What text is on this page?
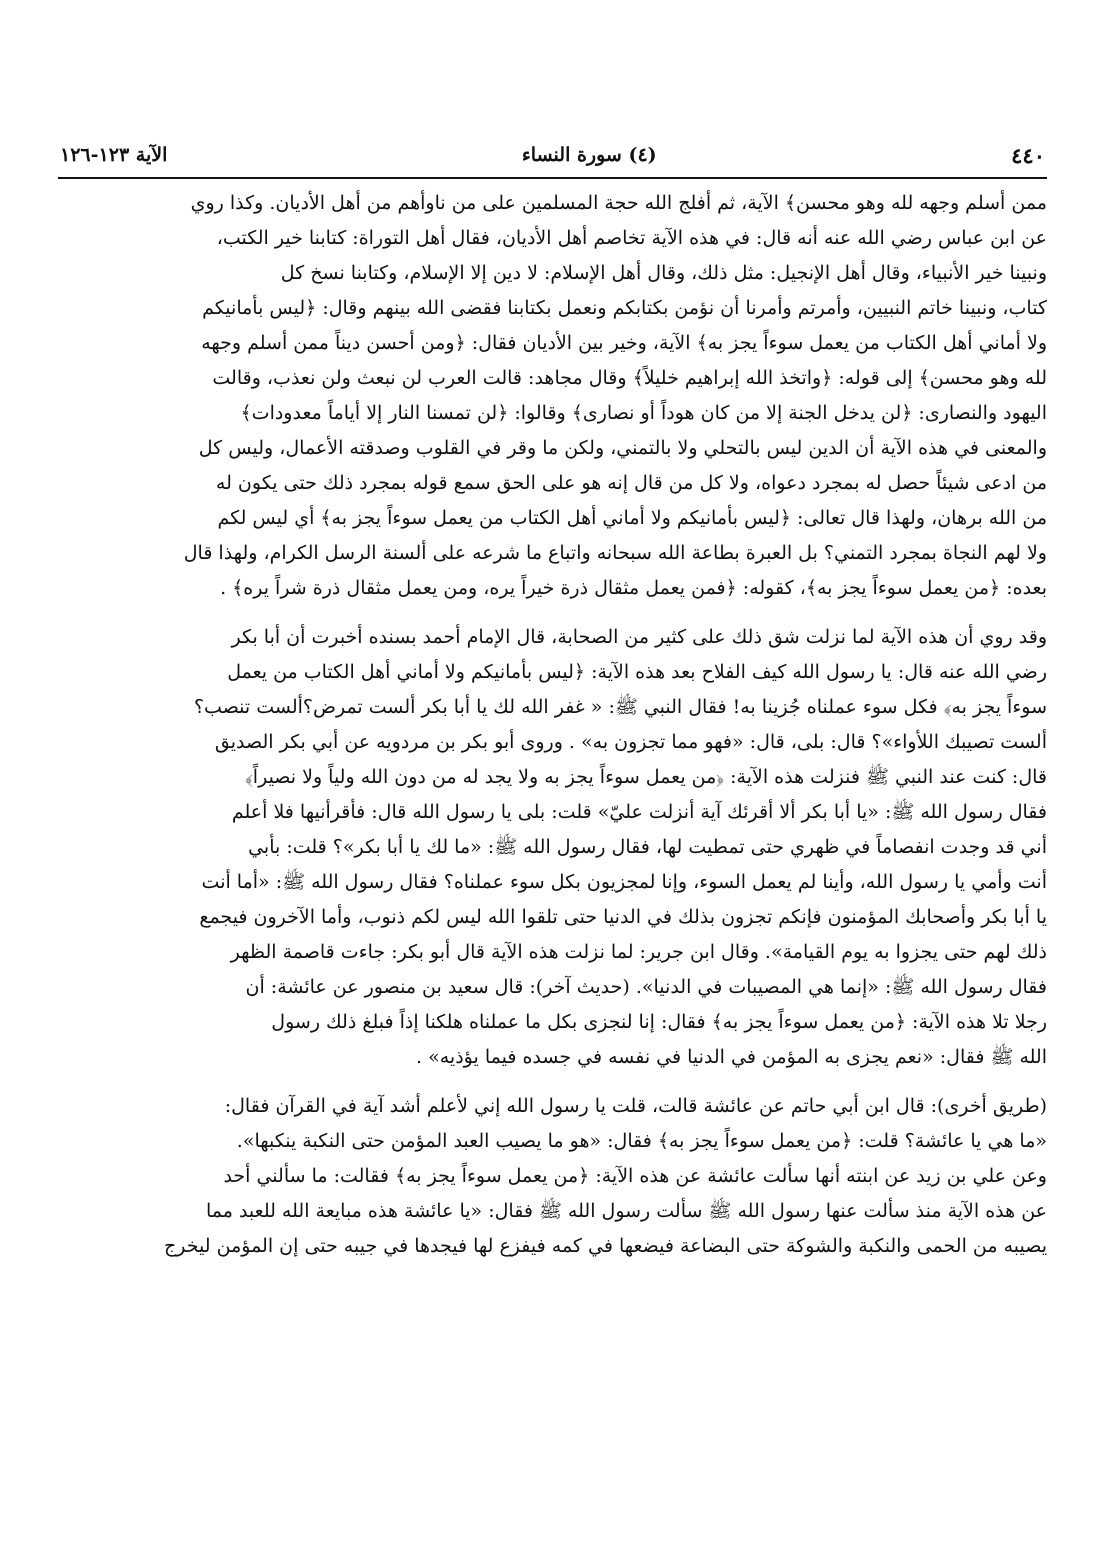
٤٤٠
(٤) سورة النساء
الآية ١٢٣-١٢٦

ممن أسلم وجهه لله وهو محسن﴾ الآية، ثم أفلج الله حجة المسلمين على من ناوأهم من أهل الأديان. وكذا روي

عن ابن عباس رضي الله عنه أنه قال: في هذه الآية تخاصم أهل الأديان، فقال أهل التوراة: كتابنا خير الكتب،

ونبينا خير الأنبياء، وقال أهل الإنجيل: مثل ذلك، وقال أهل الإسلام: لا دين إلا الإسلام، وكتابنا نسخ كل

كتاب، ونبينا خاتم النبيين، وأمرتم وأمرنا أن نؤمن بكتابكم ونعمل بكتابنا فقضى الله بينهم وقال: ﴿ليس بأمانيكم

ولا أماني أهل الكتاب من يعمل سوءاً يجز به﴾ الآية، وخير بين الأديان فقال: ﴿ومن أحسن ديناً ممن أسلم وجهه

لله وهو محسن﴾ إلى قوله: ﴿واتخذ الله إبراهيم خليلاً﴾ وقال مجاهد: قالت العرب لن نبعث ولن نعذب، وقالت

اليهود والنصارى: ﴿لن يدخل الجنة إلا من كان هوداً أو نصارى﴾ وقالوا: ﴿لن تمسنا النار إلا أياماً معدودات﴾

والمعنى في هذه الآية أن الدين ليس بالتحلي ولا بالتمني، ولكن ما وقر في القلوب وصدقته الأعمال، وليس كل

من ادعى شيئاً حصل له بمجرد دعواه، ولا كل من قال إنه هو على الحق سمع قوله بمجرد ذلك حتى يكون له

من الله برهان، ولهذا قال تعالى: ﴿ليس بأمانيكم ولا أماني أهل الكتاب من يعمل سوءاً يجز به﴾ أي ليس لكم

ولا لهم النجاة بمجرد التمني؟ بل العبرة بطاعة الله سبحانه واتباع ما شرعه على ألسنة الرسل الكرام، ولهذا قال

بعده: ﴿من يعمل سوءاً يجز به﴾، كقوله: ﴿فمن يعمل مثقال ذرة خيراً يره، ومن يعمل مثقال ذرة شراً يره﴾ .

وقد روي أن هذه الآية لما نزلت شق ذلك على كثير من الصحابة، قال الإمام أحمد بسنده أخبرت أن أبا بكر

رضي الله عنه قال: يا رسول الله كيف الفلاح بعد هذه الآية: ﴿ليس بأمانيكم ولا أماني أهل الكتاب من يعمل

سوءاً يجز به﴾ فكل سوء عملناه جُزينا به! فقال النبي ﷺ: « غفر الله لك يا أبا بكر ألست تمرض؟ألست تنصب؟

ألست تصيبك اللأواء»؟ قال: بلى، قال: «فهو مما تجزون به» . وروى أبو بكر بن مردويه عن أبي بكر الصديق

قال: كنت عند النبي ﷺ فنزلت هذه الآية: ﴿من يعمل سوءاً يجز به ولا يجد له من دون الله ولياً ولا نصيراً﴾

فقال رسول الله ﷺ: «يا أبا بكر ألا أقرئك آية أنزلت عليّ» قلت: بلى يا رسول الله قال: فأقرأنيها فلا أعلم

أني قد وجدت انفصاماً في ظهري حتى تمطيت لها، فقال رسول الله ﷺ: «ما لك يا أبا بكر»؟ قلت: بأبي

أنت وأمي يا رسول الله، وأينا لم يعمل السوء، وإنا لمجزيون بكل سوء عملناه؟ فقال رسول الله ﷺ: «أما أنت

يا أبا بكر وأصحابك المؤمنون فإنكم تجزون بذلك في الدنيا حتى تلقوا الله ليس لكم ذنوب، وأما الآخرون فيجمع

ذلك لهم حتى يجزوا به يوم القيامة». وقال ابن جرير: لما نزلت هذه الآية قال أبو بكر: جاءت قاصمة الظهر

فقال رسول الله ﷺ: «إنما هي المصيبات في الدنيا». (حديث آخر): قال سعيد بن منصور عن عائشة: أن

رجلا تلا هذه الآية: ﴿من يعمل سوءاً يجز به﴾ فقال: إنا لنجزى بكل ما عملناه هلكنا إذاً فبلغ ذلك رسول

الله ﷺ فقال: «نعم يجزى به المؤمن في الدنيا في نفسه في جسده فيما يؤذيه» .

(طريق أخرى): قال ابن أبي حاتم عن عائشة قالت، قلت يا رسول الله إني لأعلم أشد آية في القرآن فقال:

«ما هي يا عائشة؟ قلت: ﴿من يعمل سوءاً يجز به﴾ فقال: «هو ما يصيب العبد المؤمن حتى النكبة ينكبها».

وعن علي بن زيد عن ابنته أنها سألت عائشة عن هذه الآية: ﴿من يعمل سوءاً يجز به﴾ فقالت: ما سألني أحد

عن هذه الآية منذ سألت عنها رسول الله ﷺ سألت رسول الله ﷺ فقال: «يا عائشة هذه مبايعة الله للعبد مما

يصيبه من الحمى والنكبة والشوكة حتى البضاعة فيضعها في كمه فيفزع لها فيجدها في جيبه حتى إن المؤمن ليخرج
